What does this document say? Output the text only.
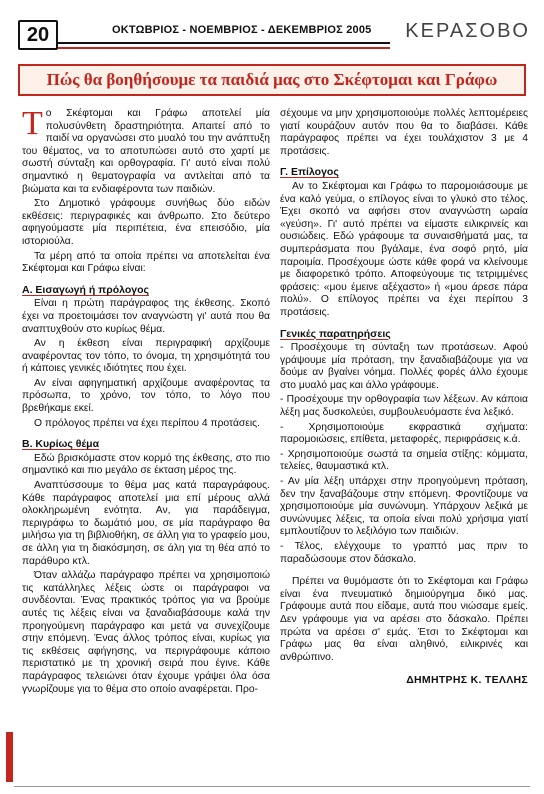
20	ΟΚΤΩΒΡΙΟΣ - ΝΟΕΜΒΡΙΟΣ - ΔΕΚΕΜΒΡΙΟΣ 2005	ΚΕΡΑΣΟΒΟ
Πώς θα βοηθήσουμε τα παιδιά μας στο Σκέφτομαι και Γράφω

Το Σκέφτομαι και Γράφω αποτελεί μία πολυσύνθετη δραστηριότητα. Απαιτεί από το παιδί να οργανώσει στο μυαλό του την ανάπτυξη του θέματος, να το αποτυπώσει αυτό στο χαρτί με σωστή σύνταξη και ορθογραφία. Γι' αυτό είναι πολύ σημαντικό η θεματογραφία να αντλείται από τα βιώματα και τα ενδιαφέροντα των παιδιών.

Στο Δημοτικό γράφουμε συνήθως δύο ειδών εκθέσεις: περιγραφικές και άνθρωπο. Στο δεύτερο αφηγούμαστε μία περιπέτεια, ένα επεισόδιο, μία ιστοριούλα.

Τα μέρη από τα οποία πρέπει να αποτελείται ένα Σκέφτομαι και Γράφω είναι:

Α. Εισαγωγή ή πρόλογος

Είναι η πρώτη παράγραφος της έκθεσης. Σκοπό έχει να προετοιμάσει τον αναγνώστη γι' αυτά που θα αναπτυχθούν στο κυρίως θέμα.

Αν η έκθεση είναι περιγραφική αρχίζουμε αναφέροντας τον τόπο, το όνομα, τη χρησιμότητά του ή κάποιες γενικές ιδιότητες που έχει.

Αν είναι αφηγηματική αρχίζουμε αναφέροντας τα πρόσωπα, το χρόνο, τον τόπο, το λόγο που βρεθήκαμε εκεί.

Ο πρόλογος πρέπει να έχει περίπου 4 προτάσεις.

Β. Κυρίως θέμα

Εδώ βρισκόμαστε στον κορμό της έκθεσης, στο πιο σημαντικό και πιο μεγάλο σε έκταση μέρος της.

Αναπτύσσουμε το θέμα μας κατά παραγράφους. Κάθε παράγραφος αποτελεί μια επί μέρους αλλά ολοκληρωμένη ενότητα. Αν, για παράδειγμα, περιγράφω το δωμάτιό μου, σε μία παράγραφο θα μιλήσω για τη βιβλιοθήκη, σε άλλη για το γραφείο μου, σε άλλη για τη διακόσμηση, σε άλη για τη θέα από το παράθυρο κτλ.

Όταν αλλάζω παράγραφο πρέπει να χρησιμοποιώ τις κατάλληλες λέξεις ώστε οι παράγραφοι να συνδέονται. Ένας πρακτικός τρόπος για να βρούμε αυτές τις λέξεις είναι να ξαναδιαβάσουμε καλά την προηγούμενη παράγραφο και μετά να συνεχίζουμε στην επόμενη. Ένας άλλος τρόπος είναι, κυρίως για τις εκθέσεις αφήγησης, να περιγράφουμε κάποιο περιστατικό με τη χρονική σειρά που έγινε. Κάθε παράγραφος τελειώνει όταν έχουμε γράψει όλα όσα γνωρίζουμε για το θέμα στο οποίο αναφέρεται. Προ-

σέχουμε να μην χρησιμοποιούμε πολλές λεπτομέρειες γιατί κουράζουν αυτόν που θα το διαβάσει. Κάθε παράγραφος πρέπει να έχει τουλάχιστον 3 με 4 προτάσεις.

Γ. Επίλογος

Αν το Σκέφτομαι και Γράφω το παρομοιάσουμε με ένα καλό γεύμα, ο επίλογος είναι το γλυκό στο τέλος. Έχει σκοπό να αφήσει στον αναγνώστη ωραία «γεύση». Γι' αυτό πρέπει να είμαστε ειλικρινείς και ουσιώδεις. Εδώ γράφουμε τα συναισθήματά μας, τα συμπεράσματα που βγάλαμε, ένα σοφό ρητό, μία παροιμία. Προσέχουμε ώστε κάθε φορά να κλείνουμε με διαφορετικό τρόπο. Αποφεύγουμε τις τετριμμένες φράσεις: «μου έμεινε αξέχαστο» ή «μου άρεσε πάρα πολύ». Ο επίλογος πρέπει να έχει περίπου 3 προτάσεις.

Γενικές παρατηρήσεις

- Προσέχουμε τη σύνταξη των προτάσεων. Αφού γράψουμε μία πρόταση, την ξαναδιαβάζουμε για να δούμε αν βγαίνει νόημα. Πολλές φορές άλλο έχουμε στο μυαλό μας και άλλο γράφουμε.

- Προσέχουμε την ορθογραφία των λέξεων. Αν κάποια λέξη μας δυσκολεύει, συμβουλευόμαστε ένα λεξικό.

- Χρησιμοποιούμε εκφραστικά σχήματα: παρομοιώσεις, επίθετα, μεταφορές, περιφράσεις κ.ά.

- Χρησιμοποιούμε σωστά τα σημεία στίξης: κόμματα, τελείες, θαυμαστικά κτλ.

- Αν μία λέξη υπάρχει στην προηγούμενη πρόταση, δεν την ξαναβάζουμε στην επόμενη. Φροντίζουμε να χρησιμοποιούμε μία συνώνυμη. Υπάρχουν λεξικά με συνώνυμες λέξεις, τα οποία είναι πολύ χρήσιμα γιατί εμπλουτίζουν το λεξιλόγιο των παιδιών.

- Τέλος, ελέγχουμε το γραπτό μας πριν το παραδώσουμε στον δάσκαλο.

Πρέπει να θυμόμαστε ότι το Σκέφτομαι και Γράφω είναι ένα πνευματικό δημιούργημα δικό μας. Γράφουμε αυτά που είδαμε, αυτά που νιώσαμε εμείς. Δεν γράφουμε για να αρέσει στο δάσκαλο. Πρέπει πρώτα να αρέσει σ' εμάς. Έτσι το Σκέφτομαι και Γράφω μας θα είναι αληθινό, ειλικρινές και ανθρώπινο.

ΔΗΜΗΤΡΗΣ Κ. ΤΕΛΛΗΣ
